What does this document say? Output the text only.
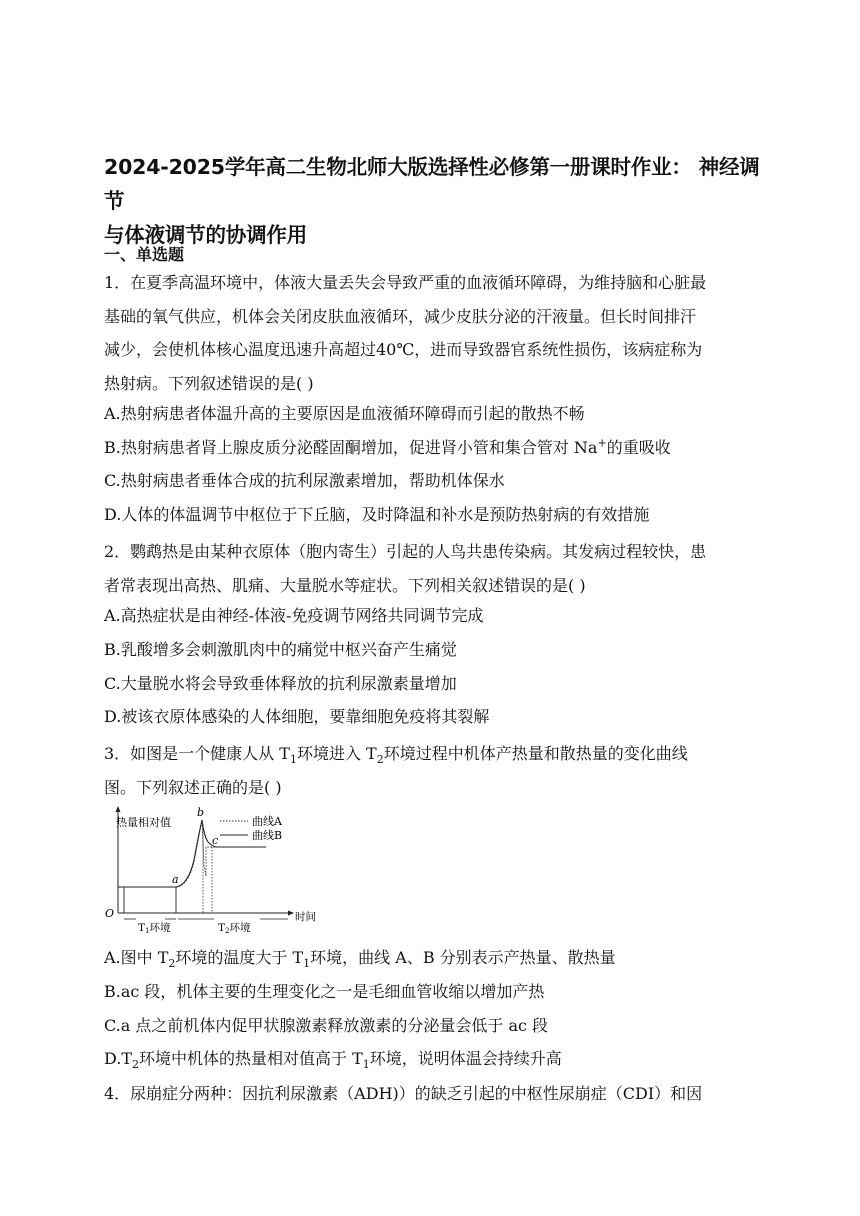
2024-2025学年高二生物北师大版选择性必修第一册课时作业： 神经调节
与体液调节的协调作用
一、单选题
1．在夏季高温环境中，体液大量丢失会导致严重的血液循环障碍，为维持脑和心脏最
基础的氧气供应，机体会关闭皮肤血液循环，减少皮肤分泌的汗液量。但长时间排汗
减少，会使机体核心温度迅速升高超过40℃，进而导致器官系统性损伤，该病症称为
热射病。下列叙述错误的是( )
A.热射病患者体温升高的主要原因是血液循环障碍而引起的散热不畅
B.热射病患者肾上腺皮质分泌醛固酮增加，促进肾小管和集合管对 Na+的重吸收
C.热射病患者垂体合成的抗利尿激素增加，帮助机体保水
D.人体的体温调节中枢位于下丘脑，及时降温和补水是预防热射病的有效措施
2．鹦鹉热是由某种衣原体（胞内寄生）引起的人鸟共患传染病。其发病过程较快，患
者常表现出高热、肌痛、大量脱水等症状。下列相关叙述错误的是( )
A.高热症状是由神经-体液-免疫调节网络共同调节完成
B.乳酸增多会刺激肌肉中的痛觉中枢兴奋产生痛觉
C.大量脱水将会导致垂体释放的抗利尿激素量增加
D.被该衣原体感染的人体细胞，要靠细胞免疫将其裂解
3．如图是一个健康人从 $T_1$环境进入 $T_2$环境过程中机体产热量和散热量的变化曲线
图。下列叙述正确的是( )
热量相对值
时间
O
曲线A
曲线B
a
b
c
T1环境	T2环境
A.图中 $T_2$环境的温度大于 $T_1$环境，曲线 A、B 分别表示产热量、散热量
B.ac 段，机体主要的生理变化之一是毛细血管收缩以增加产热
C.a 点之前机体内促甲状腺激素释放激素的分泌量会低于 ac 段
$D.T_2$环境中机体的热量相对值高于 $T_1$环境，说明体温会持续升高
4．尿崩症分两种：因抗利尿激素（ADH)）的缺乏引起的中枢性尿崩症（CDI）和因
